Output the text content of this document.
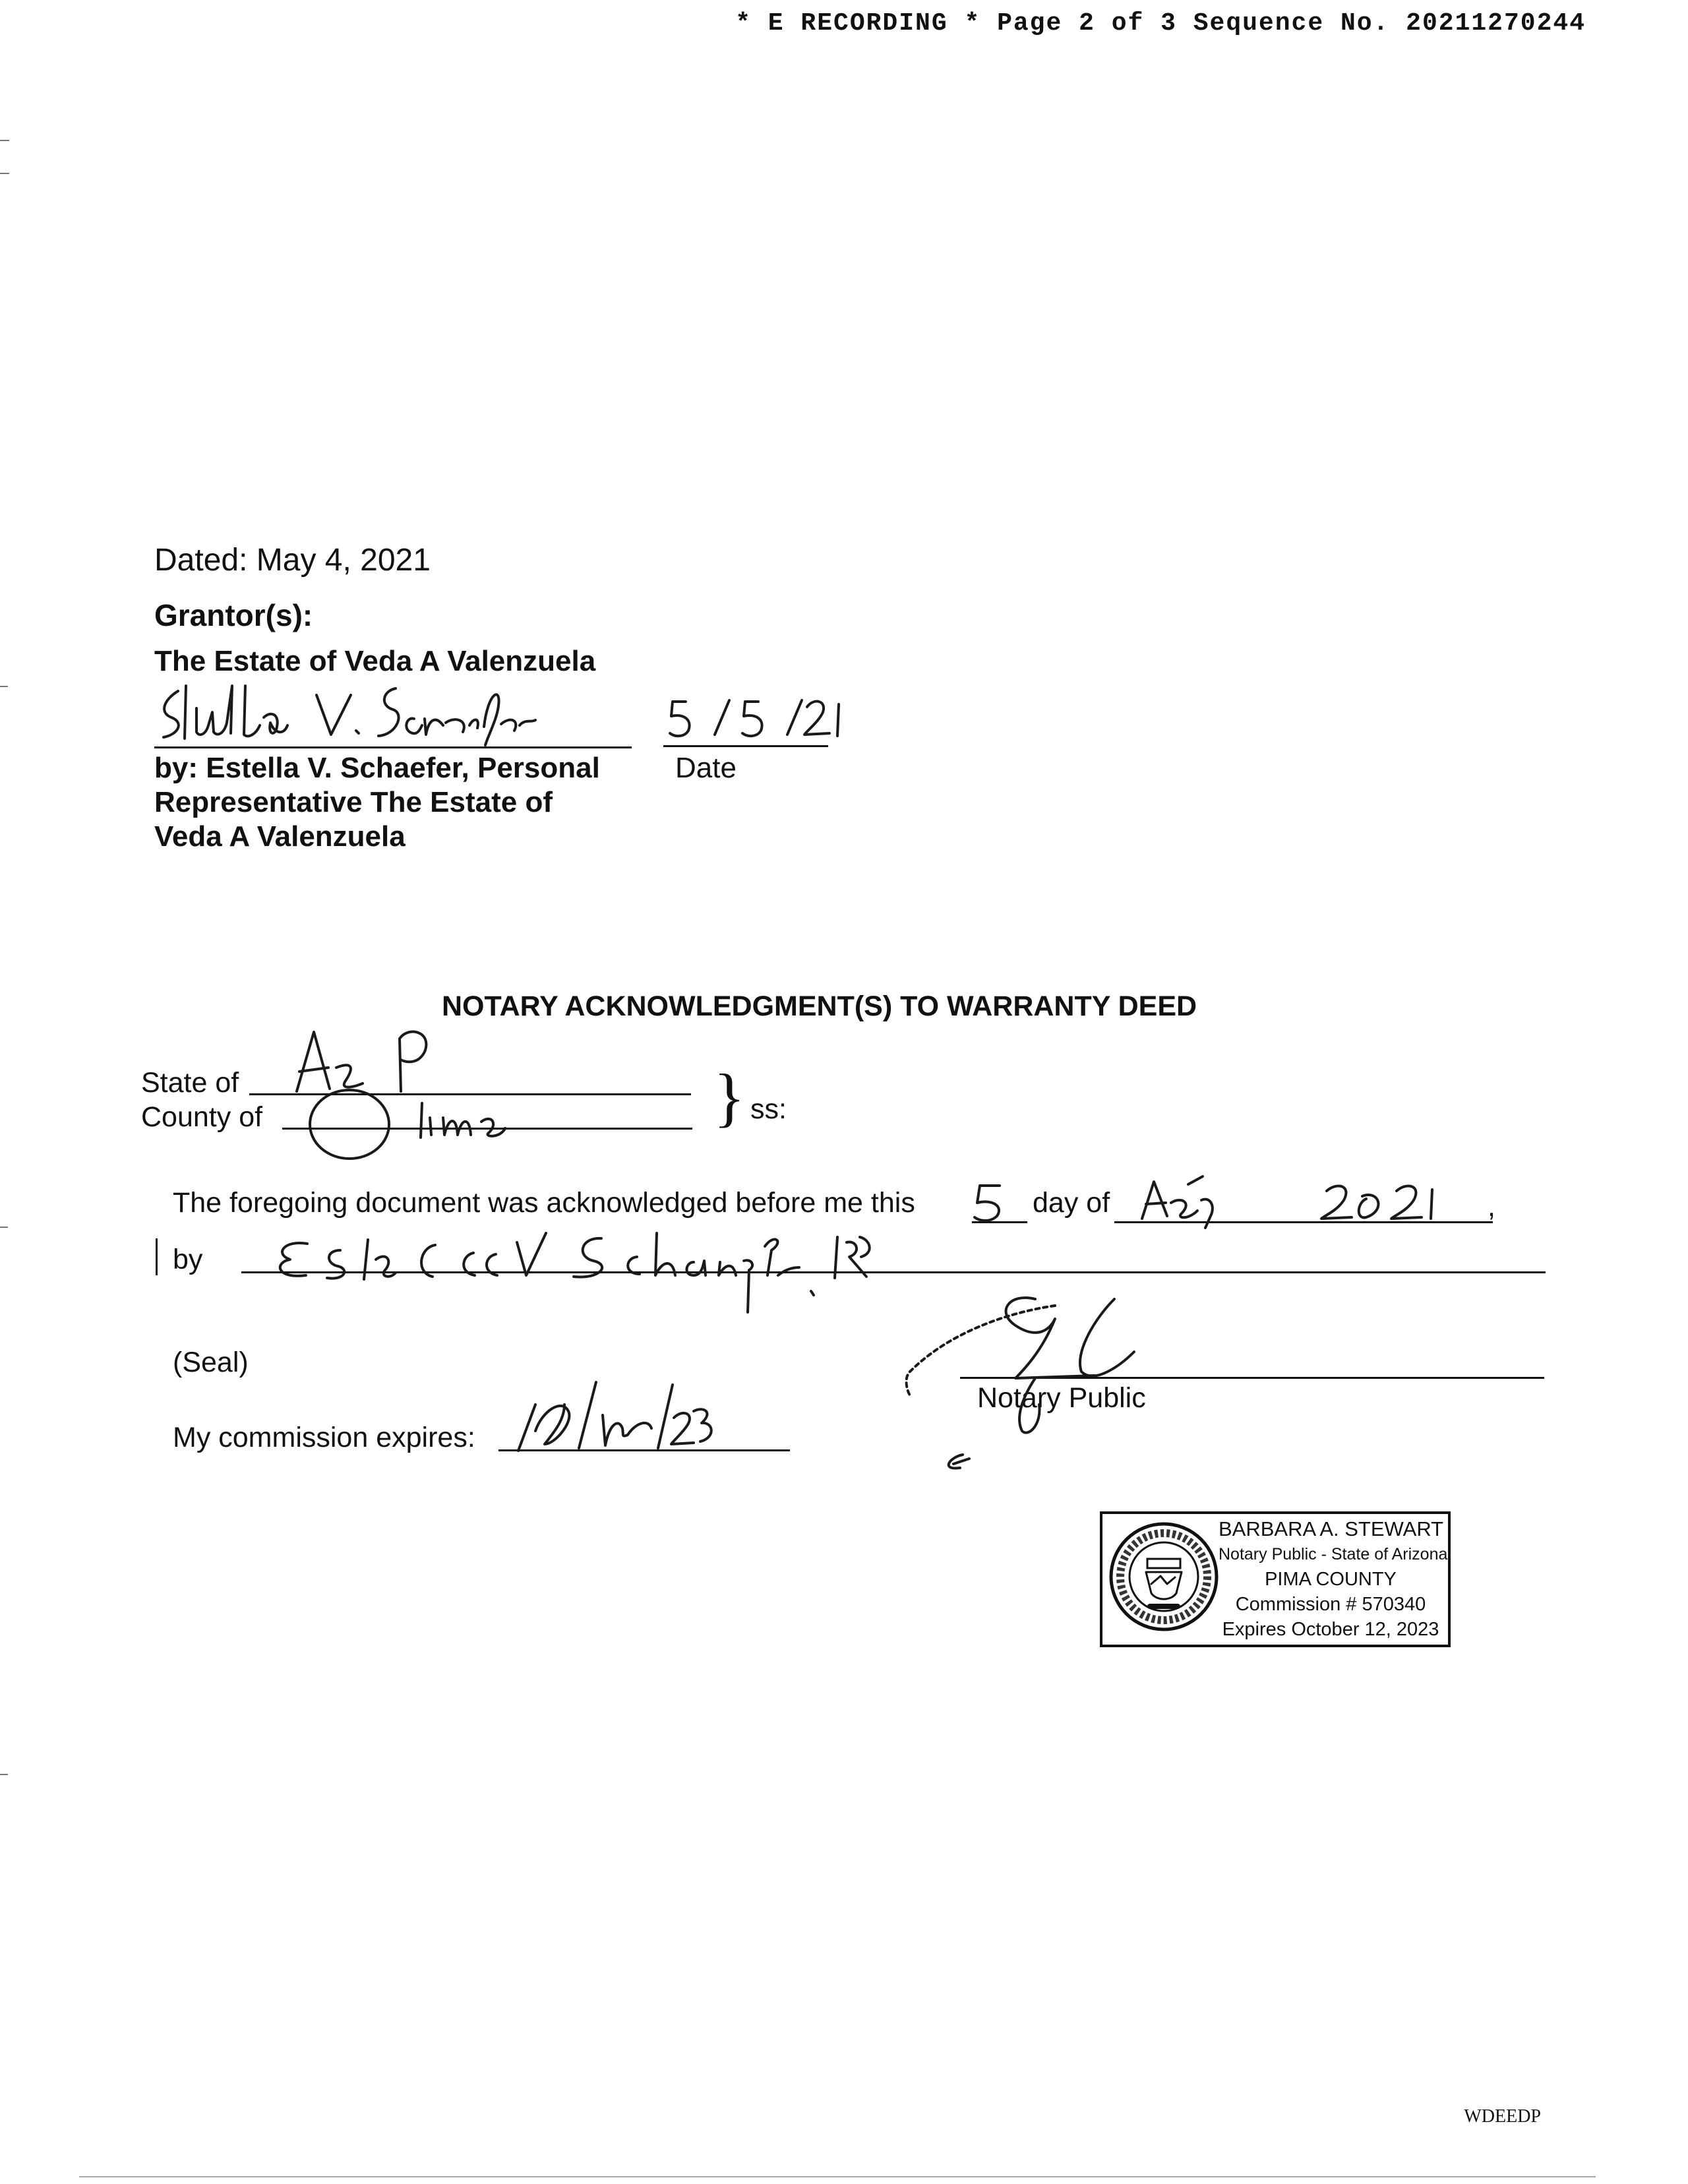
* E RECORDING * Page 2 of 3 Sequence No. 20211270244
Dated: May 4, 2021
Grantor(s):
The Estate of Veda A Valenzuela
by: Estella V. Schaefer, Personal	Date
Representative The Estate of
Veda A Valenzuela
NOTARY ACKNOWLEDGMENT(S) TO WARRANTY DEED
State of
County of	} ss:
The foregoing document was acknowledged before me this	day of	,
by
(Seal)
Notary Public
My commission expires:
BARBARA A. STEWART
Notary Public - State of Arizona
PIMA COUNTY
Commission # 570340
Expires October 12, 2023
WDEEDP
